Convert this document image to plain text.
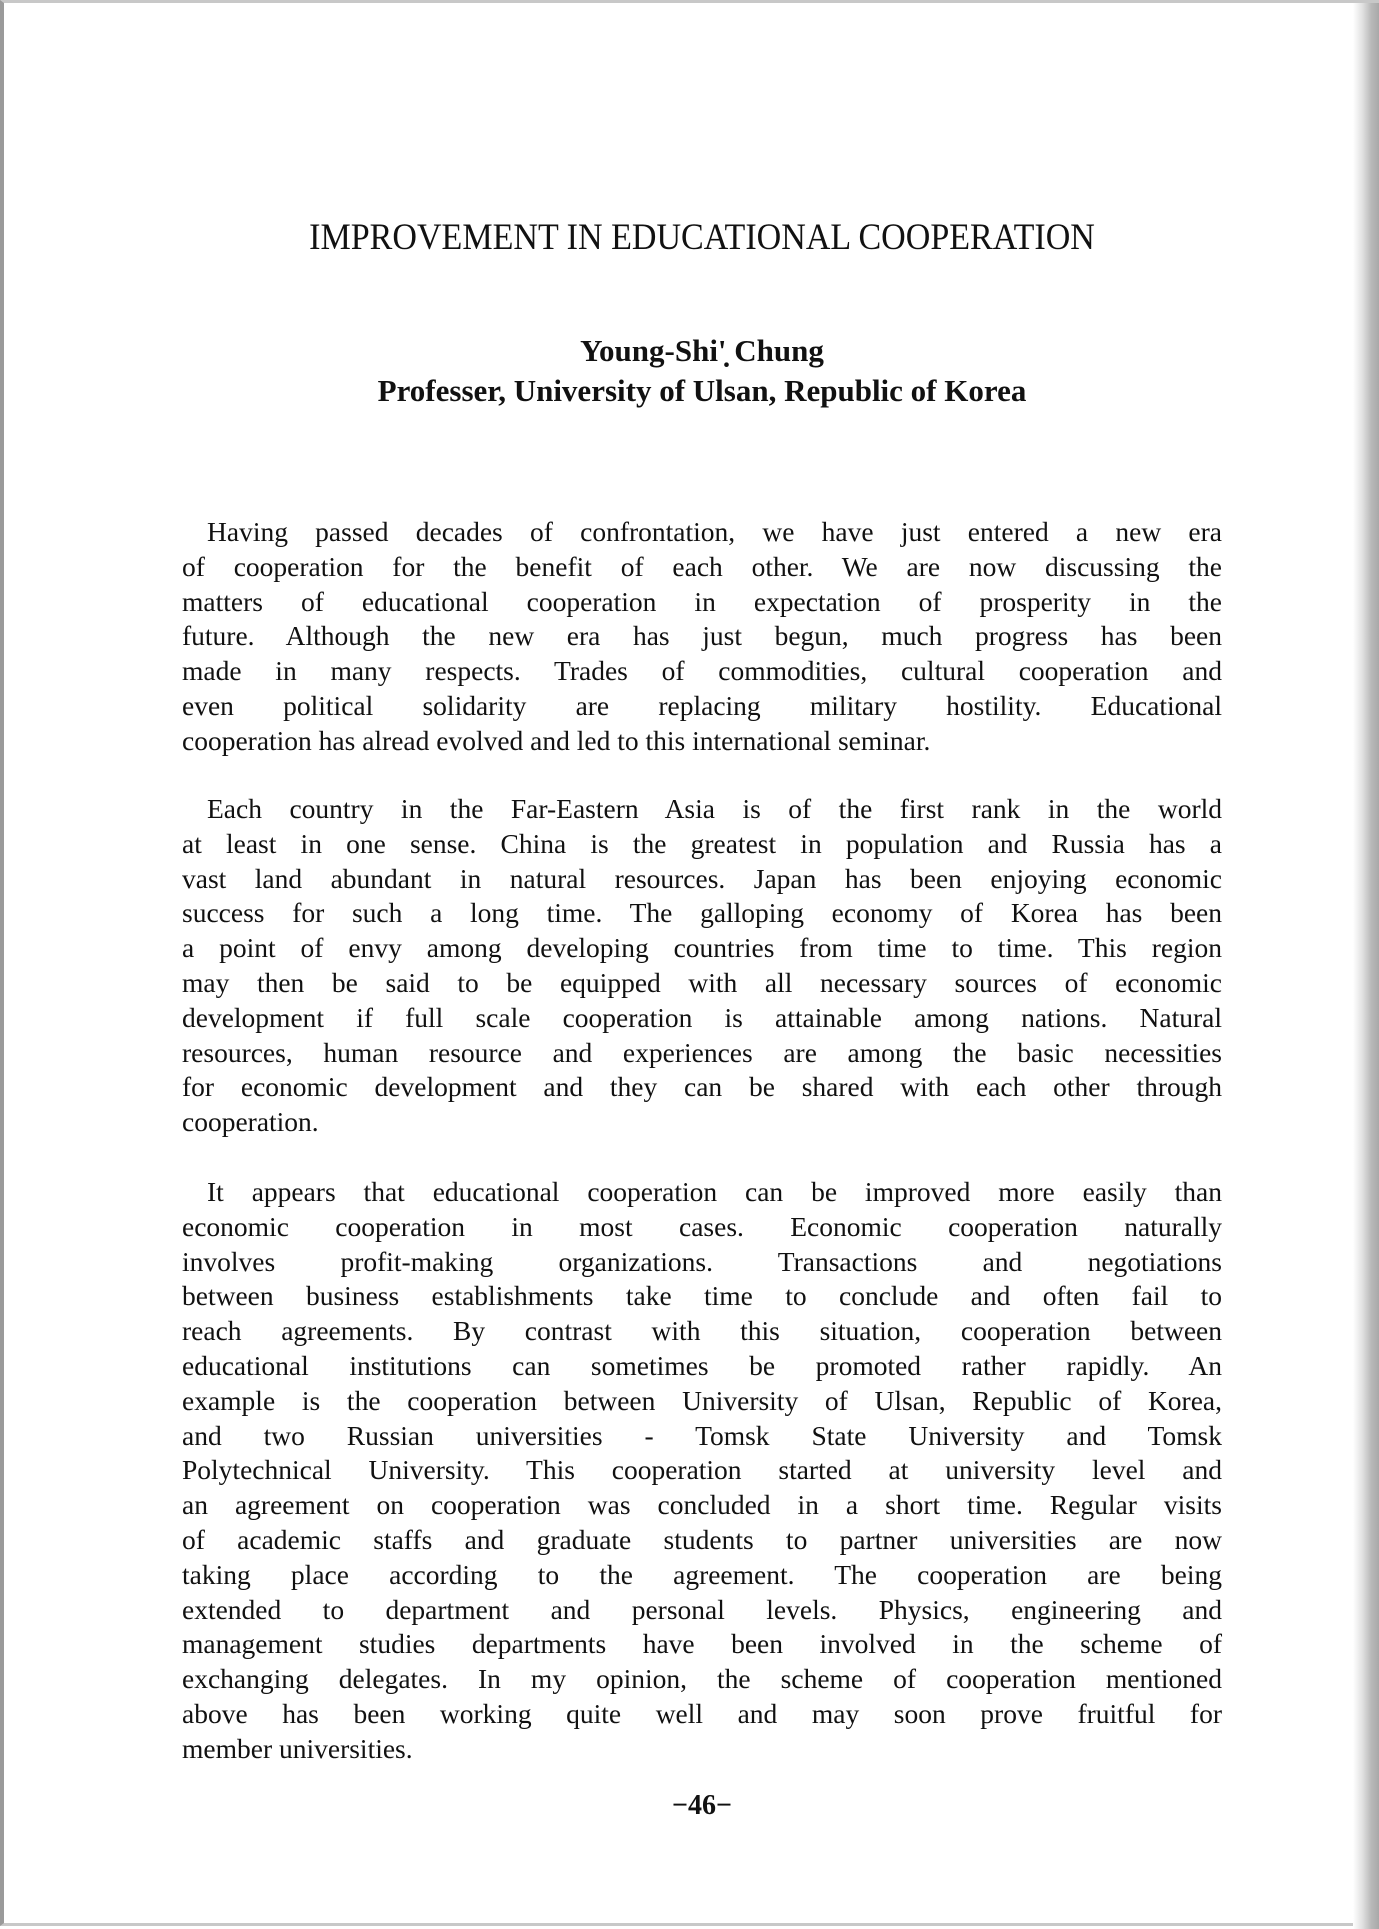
IMPROVEMENT IN EDUCATIONAL COOPERATION
Young-Shi'̣ Chung
Professer, University of Ulsan, Republic of Korea
Having passed decades of confrontation, we have just entered a new era
of cooperation for the benefit of each other. We are now discussing the
matters of educational cooperation in expectation of prosperity in the
future. Although the new era has just begun, much progress has been
made in many respects. Trades of commodities, cultural cooperation and
even political solidarity are replacing military hostility. Educational
cooperation has alread evolved and led to this international seminar.
Each country in the Far-Eastern Asia is of the first rank in the world
at least in one sense. China is the greatest in population and Russia has a
vast land abundant in natural resources. Japan has been enjoying economic
success for such a long time. The galloping economy of Korea has been
a point of envy among developing countries from time to time. This region
may then be said to be equipped with all necessary sources of economic
development if full scale cooperation is attainable among nations. Natural
resources, human resource and experiences are among the basic necessities
for economic development and they can be shared with each other through
cooperation.
It appears that educational cooperation can be improved more easily than
economic cooperation in most cases. Economic cooperation naturally
involves profit-making organizations. Transactions and negotiations
between business establishments take time to conclude and often fail to
reach agreements. By contrast with this situation, cooperation between
educational institutions can sometimes be promoted rather rapidly. An
example is the cooperation between University of Ulsan, Republic of Korea,
and two Russian universities - Tomsk State University and Tomsk
Polytechnical University. This cooperation started at university level and
an agreement on cooperation was concluded in a short time. Regular visits
of academic staffs and graduate students to partner universities are now
taking place according to the agreement. The cooperation are being
extended to department and personal levels. Physics, engineering and
management studies departments have been involved in the scheme of
exchanging delegates. In my opinion, the scheme of cooperation mentioned
above has been working quite well and may soon prove fruitful for
member universities.
−46−
